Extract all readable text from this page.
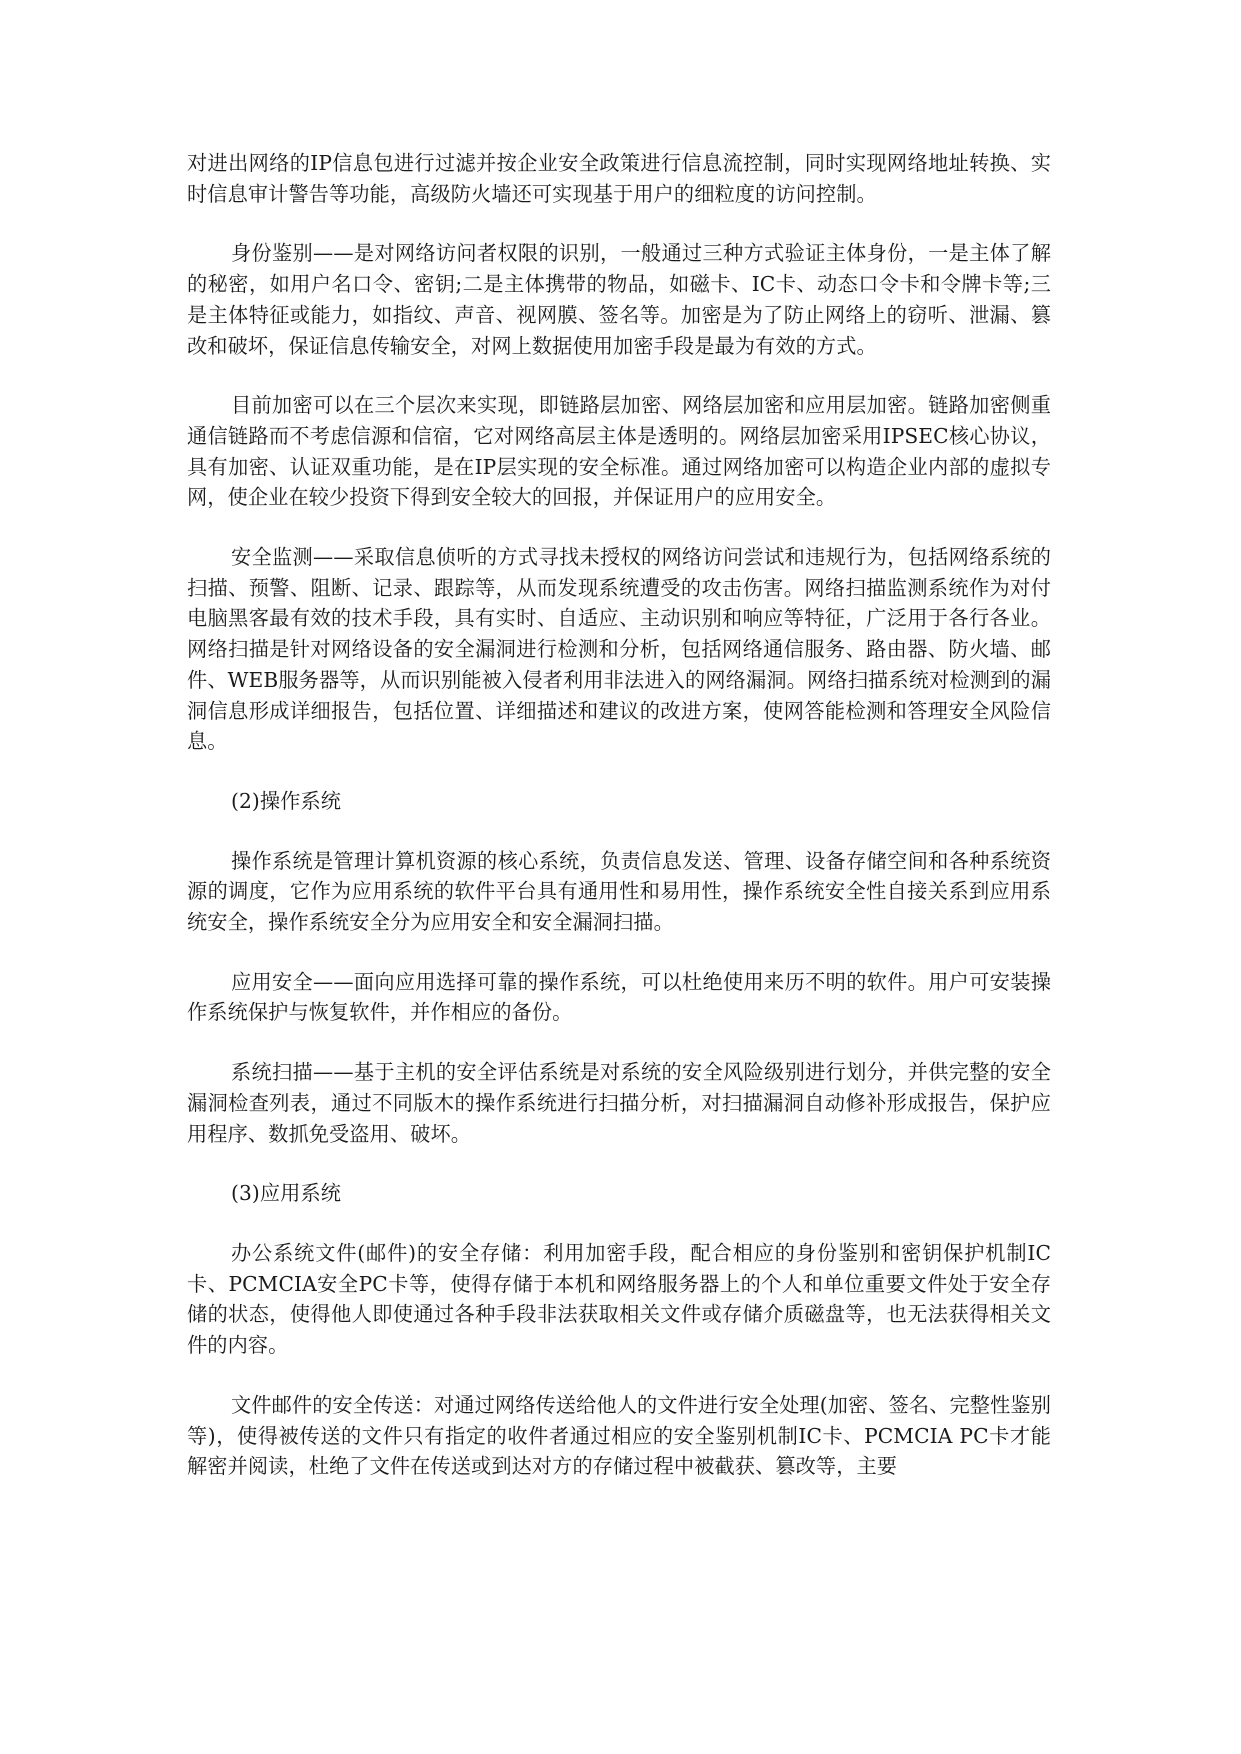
对进出网络的IP信息包进行过滤并按企业安全政策进行信息流控制，同时实现网络地址转换、实时信息审计警告等功能，高级防火墙还可实现基于用户的细粒度的访问控制。

身份鉴别——是对网络访问者权限的识别，一般通过三种方式验证主体身份，一是主体了解的秘密，如用户名口令、密钥;二是主体携带的物品，如磁卡、IC卡、动态口令卡和令牌卡等;三是主体特征或能力，如指纹、声音、视网膜、签名等。加密是为了防止网络上的窃听、泄漏、篡改和破坏，保证信息传输安全，对网上数据使用加密手段是最为有效的方式。

目前加密可以在三个层次来实现，即链路层加密、网络层加密和应用层加密。链路加密侧重通信链路而不考虑信源和信宿，它对网络高层主体是透明的。网络层加密采用IPSEC核心协议，具有加密、认证双重功能，是在IP层实现的安全标准。通过网络加密可以构造企业内部的虚拟专网，使企业在较少投资下得到安全较大的回报，并保证用户的应用安全。

安全监测——采取信息侦听的方式寻找未授权的网络访问尝试和违规行为，包括网络系统的扫描、预警、阻断、记录、跟踪等，从而发现系统遭受的攻击伤害。网络扫描监测系统作为对付电脑黑客最有效的技术手段，具有实时、自适应、主动识别和响应等特征，广泛用于各行各业。网络扫描是针对网络设备的安全漏洞进行检测和分析，包括网络通信服务、路由器、防火墙、邮件、WEB服务器等，从而识别能被入侵者利用非法进入的网络漏洞。网络扫描系统对检测到的漏洞信息形成详细报告，包括位置、详细描述和建议的改进方案，使网答能检测和答理安全风险信息。

(2)操作系统

操作系统是管理计算机资源的核心系统，负责信息发送、管理、设备存储空间和各种系统资源的调度，它作为应用系统的软件平台具有通用性和易用性，操作系统安全性自接关系到应用系统安全，操作系统安全分为应用安全和安全漏洞扫描。

应用安全——面向应用选择可靠的操作系统，可以杜绝使用来历不明的软件。用户可安装操作系统保护与恢复软件，并作相应的备份。

系统扫描——基于主机的安全评估系统是对系统的安全风险级别进行划分，并供完整的安全漏洞检查列表，通过不同版木的操作系统进行扫描分析，对扫描漏洞自动修补形成报告，保护应用程序、数抓免受盗用、破坏。

(3)应用系统

办公系统文件(邮件)的安全存储：利用加密手段，配合相应的身份鉴别和密钥保护机制IC卡、PCMCIA安全PC卡等，使得存储于本机和网络服务器上的个人和单位重要文件处于安全存储的状态，使得他人即使通过各种手段非法获取相关文件或存储介质磁盘等，也无法获得相关文件的内容。

文件邮件的安全传送：对通过网络传送给他人的文件进行安全处理(加密、签名、完整性鉴别等)，使得被传送的文件只有指定的收件者通过相应的安全鉴别机制IC卡、PCMCIA PC卡才能解密并阅读，杜绝了文件在传送或到达对方的存储过程中被截获、篡改等，主要
